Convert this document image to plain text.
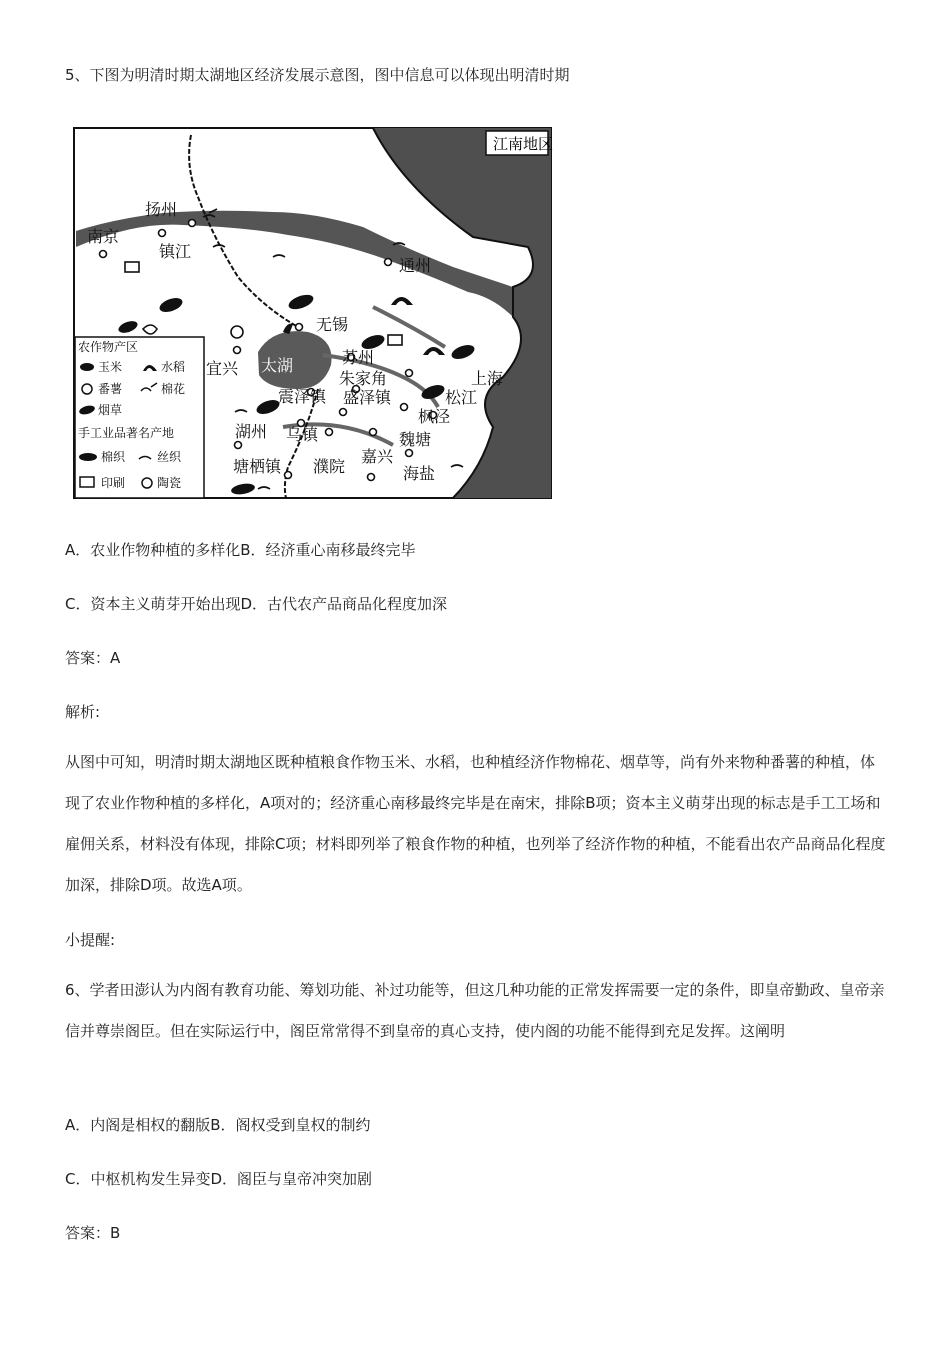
5、下图为明清时期太湖地区经济发展示意图，图中信息可以体现出明清时期
江南地区
扬州
南京
镇江
通州
无锡
宜兴
苏州
朱家角	上海
震泽镇 盛泽镇	松江
湖州 乌镇
枫泾
魏塘
塘栖镇 濮院
嘉兴
海盐
太湖
农作物产区
玉米	水稻
番薯	棉花
烟草
手工业品著名产地
棉织	丝织
印刷	陶瓷
A．农业作物种植的多样化B．经济重心南移最终完毕
C．资本主义萌芽开始出现D．古代农产品商品化程度加深
答案：A
解析:
从图中可知，明清时期太湖地区既种植粮食作物玉米、水稻，也种植经济作物棉花、烟草等，尚有外来物种番薯的种植，体现了农业作物种植的多样化，A项对的；经济重心南移最终完毕是在南宋，排除B项；资本主义萌芽出现的标志是手工工场和雇佣关系，材料没有体现，排除C项；材料即列举了粮食作物的种植，也列举了经济作物的种植，不能看出农产品商品化程度加深，排除D项。故选A项。
小提醒:
6、学者田澎认为内阁有教育功能、筹划功能、补过功能等，但这几种功能的正常发挥需要一定的条件，即皇帝勤政、皇帝亲信并尊崇阁臣。但在实际运行中，阁臣常常得不到皇帝的真心支持，使内阁的功能不能得到充足发挥。这阐明
A．内阁是相权的翻版B．阁权受到皇权的制约
C．中枢机构发生异变D．阁臣与皇帝冲突加剧
答案：B
